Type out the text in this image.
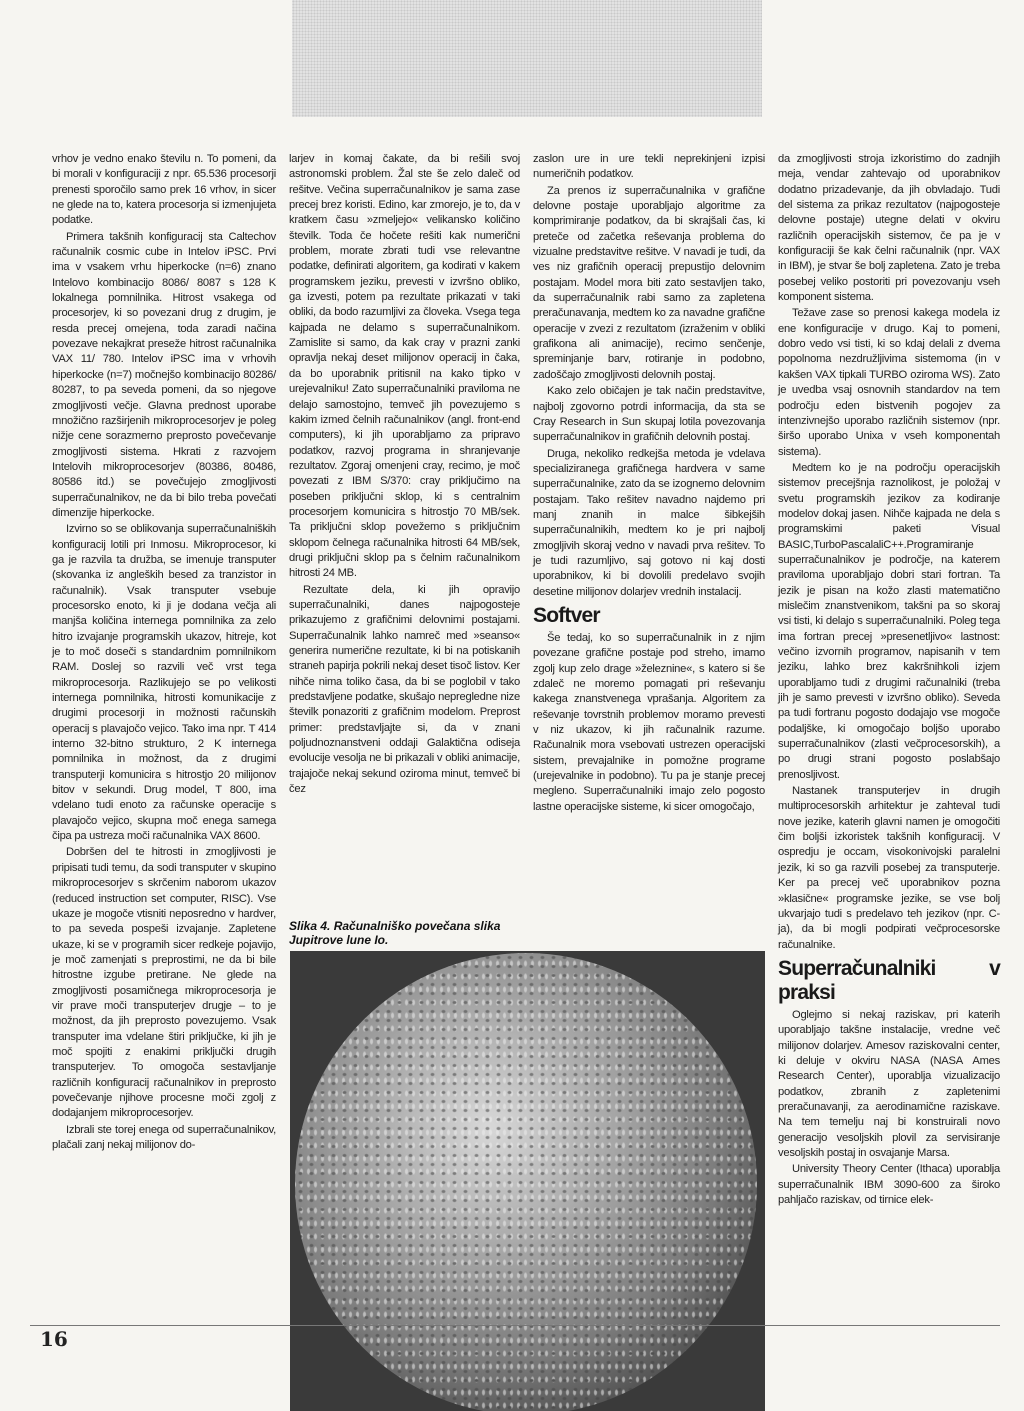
vrhov je vedno enako številu n. To pomeni, da bi morali v konfiguraciji z npr. 65.536 procesorji prenesti sporočilo samo prek 16 vrhov, in sicer ne glede na to, katera procesorja si izmenjujeta podatke.

Primera takšnih konfiguracij sta Caltechov računalnik cosmic cube in Intelov iPSC. Prvi ima v vsakem vrhu hiperkocke (n=6) znano Intelovo kombinacijo 8086/ 8087 s 128 K lokalnega pomnilnika. Hitrost vsakega od procesorjev, ki so povezani drug z drugim, je resda precej omejena, toda zaradi načina povezave nekajkrat preseže hitrost računalnika VAX 11/ 780. Intelov iPSC ima v vrhovih hiperkocke (n=7) močnejšo kombinacijo 80286/ 80287, to pa seveda pomeni, da so njegove zmogljivosti večje. Glavna prednost uporabe množično razširjenih mikroprocesorjev je poleg nižje cene sorazmerno preprosto povečevanje zmogljivosti sistema. Hkrati z razvojem Intelovih mikroprocesorjev (80386, 80486, 80586 itd.) se povečujejo zmogljivosti superračunalnikov, ne da bi bilo treba povečati dimenzije hiperkocke.

Izvirno so se oblikovanja superračunalniških konfiguracij lotili pri Inmosu. Mikroprocesor, ki ga je razvila ta družba, se imenuje transputer (skovanka iz angleških besed za tranzistor in računalnik). Vsak transputer vsebuje procesorsko enoto, ki ji je dodana večja ali manjša količina internega pomnilnika za zelo hitro izvajanje programskih ukazov, hitreje, kot je to moč doseči s standardnim pomnilnikom RAM. Doslej so razvili več vrst tega mikroprocesorja. Razlikujejo se po velikosti internega pomnilnika, hitrosti komunikacije z drugimi procesorji in možnosti računskih operacij s plavajočo vejico. Tako ima npr. T 414 interno 32-bitno strukturo, 2 K internega pomnilnika in možnost, da z drugimi transputerji komunicira s hitrostjo 20 milijonov bitov v sekundi. Drug model, T 800, ima vdelano tudi enoto za računske operacije s plavajočo vejico, skupna moč enega samega čipa pa ustreza moči računalnika VAX 8600.

Dobršen del te hitrosti in zmogljivosti je pripisati tudi temu, da sodi transputer v skupino mikroprocesorjev s skrčenim naborom ukazov (reduced instruction set computer, RISC). Vse ukaze je mogoče vtisniti neposredno v hardver, to pa seveda pospeši izvajanje. Zapletene ukaze, ki se v programih sicer redkeje pojavijo, je moč zamenjati s preprostimi, ne da bi bile hitrostne izgube pretirane. Ne glede na zmogljivosti posamičnega mikroprocesorja je vir prave moči transputerjev drugje – to je možnost, da jih preprosto povezujemo. Vsak transputer ima vdelane štiri priključke, ki jih je moč spojiti z enakimi priključki drugih transputerjev. To omogoča sestavljanje različnih konfiguracij računalnikov in preprosto povečevanje njihove procesne moči zgolj z dodajanjem mikroprocesorjev.

Izbrali ste torej enega od superračunalnikov, plačali zanj nekaj milijonov do-

larjev in komaj čakate, da bi rešili svoj astronomski problem. Žal ste še zelo daleč od rešitve. Večina superračunalnikov je sama zase precej brez koristi. Edino, kar zmorejo, je to, da v kratkem času »zmeljejo« velikansko količino številk. Toda če hočete rešiti kak numerični problem, morate zbrati tudi vse relevantne podatke, definirati algoritem, ga kodirati v kakem programskem jeziku, prevesti v izvršno obliko, ga izvesti, potem pa rezultate prikazati v taki obliki, da bodo razumljivi za človeka. Vsega tega kajpada ne delamo s superračunalnikom. Zamislite si samo, da kak cray v prazni zanki opravlja nekaj deset milijonov operacij in čaka, da bo uporabnik pritisnil na kako tipko v urejevalniku! Zato superračunalniki praviloma ne delajo samostojno, temveč jih povezujemo s kakim izmed čelnih računalnikov (angl. front-end computers), ki jih uporabljamo za pripravo podatkov, razvoj programa in shranjevanje rezultatov. Zgoraj omenjeni cray, recimo, je moč povezati z IBM S/370: cray priključimo na poseben priključni sklop, ki s centralnim procesorjem komunicira s hitrostjo 70 MB/sek. Ta priključni sklop povežemo s priključnim sklopom čelnega računalnika hitrosti 64 MB/sek, drugi priključni sklop pa s čelnim računalnikom hitrosti 24 MB.

Rezultate dela, ki jih opravijo superračunalniki, danes najpogosteje prikazujemo z grafičnimi delovnimi postajami. Superračunalnik lahko namreč med »seanso« generira numerične rezultate, ki bi na potiskanih straneh papirja pokrili nekaj deset tisoč listov. Ker nihče nima toliko časa, da bi se poglobil v tako predstavljene podatke, skušajo nepregledne nize številk ponazoriti z grafičnim modelom. Preprost primer: predstavljajte si, da v znani poljudnoznanstveni oddaji Galaktična odiseja evolucije vesolja ne bi prikazali v obliki animacije, trajajoče nekaj sekund oziroma minut, temveč bi čez

Slika 4. Računalniško povečana slika Jupitrove lune Io.

zaslon ure in ure tekli neprekinjeni izpisi numeričnih podatkov.

Za prenos iz superračunalnika v grafične delovne postaje uporabljajo algoritme za komprimiranje podatkov, da bi skrajšali čas, ki preteče od začetka reševanja problema do vizualne predstavitve rešitve. V navadi je tudi, da ves niz grafičnih operacij prepustijo delovnim postajam. Model mora biti zato sestavljen tako, da superračunalnik rabi samo za zapletena preračunavanja, medtem ko za navadne grafične operacije v zvezi z rezultatom (izraženim v obliki grafikona ali animacije), recimo senčenje, spreminjanje barv, rotiranje in podobno, zadoščajo zmogljivosti delovnih postaj.

Kako zelo običajen je tak način predstavitve, najbolj zgovorno potrdi informacija, da sta se Cray Research in Sun skupaj lotila povezovanja superračunalnikov in grafičnih delovnih postaj.

Druga, nekoliko redkejša metoda je vdelava specializiranega grafičnega hardvera v same superračunalnike, zato da se izognemo delovnim postajam. Tako rešitev navadno najdemo pri manj znanih in malce šibkejših superračunalnikih, medtem ko je pri najbolj zmogljivih skoraj vedno v navadi prva rešitev. To je tudi razumljivo, saj gotovo ni kaj dosti uporabnikov, ki bi dovolili predelavo svojih desetine milijonov dolarjev vrednih instalacij.

Softver

Še tedaj, ko so superračunalnik in z njim povezane grafične postaje pod streho, imamo zgolj kup zelo drage »železnine«, s katero si še zdaleč ne moremo pomagati pri reševanju kakega znanstvenega vprašanja. Algoritem za reševanje tovrstnih problemov moramo prevesti v niz ukazov, ki jih računalnik razume. Računalnik mora vsebovati ustrezen operacijski sistem, prevajalnike in pomožne programe (urejevalnike in podobno). Tu pa je stanje precej megleno. Superračunalniki imajo zelo pogosto lastne operacijske sisteme, ki sicer omogočajo,

da zmogljivosti stroja izkoristimo do zadnjih meja, vendar zahtevajo od uporabnikov dodatno prizadevanje, da jih obvladajo. Tudi del sistema za prikaz rezultatov (najpogosteje delovne postaje) utegne delati v okviru različnih operacijskih sistemov, če pa je v konfiguraciji še kak čelni računalnik (npr. VAX in IBM), je stvar še bolj zapletena. Zato je treba posebej veliko postoriti pri povezovanju vseh komponent sistema.

Težave zase so prenosi kakega modela iz ene konfiguracije v drugo. Kaj to pomeni, dobro vedo vsi tisti, ki so kdaj delali z dvema popolnoma nezdružljivima sistemoma (in v kakšen VAX tipkali TURBO oziroma WS). Zato je uvedba vsaj osnovnih standardov na tem področju eden bistvenih pogojev za intenzivnejšo uporabo različnih sistemov (npr. širšo uporabo Unixa v vseh komponentah sistema).

Medtem ko je na področju operacijskih sistemov precejšnja raznolikost, je položaj v svetu programskih jezikov za kodiranje modelov dokaj jasen. Nihče kajpada ne dela s programskimi paketi Visual BASIC,TurboPascalaliC++.Programiranje superračunalnikov je področje, na katerem praviloma uporabljajo dobri stari fortran. Ta jezik je pisan na kožo zlasti matematično mislečim znanstvenikom, takšni pa so skoraj vsi tisti, ki delajo s superračunalniki. Poleg tega ima fortran precej »presenetljivo« lastnost: večino izvornih programov, napisanih v tem jeziku, lahko brez kakršnihkoli izjem uporabljamo tudi z drugimi računalniki (treba jih je samo prevesti v izvršno obliko). Seveda pa tudi fortranu pogosto dodajajo vse mogoče podaljške, ki omogočajo boljšo uporabo superračunalnikov (zlasti večprocesorskih), a po drugi strani pogosto poslabšajo prenosljivost.

Nastanek transputerjev in drugih multiprocesorskih arhitektur je zahteval tudi nove jezike, katerih glavni namen je omogočiti čim boljši izkoristek takšnih konfiguracij. V ospredju je occam, visokonivojski paralelni jezik, ki so ga razvili posebej za transputerje. Ker pa precej več uporabnikov pozna »klasične« programske jezike, se vse bolj ukvarjajo tudi s predelavo teh jezikov (npr. C-ja), da bi mogli podpirati večprocesorske računalnike.

Superračunalniki v praksi

Oglejmo si nekaj raziskav, pri katerih uporabljajo takšne instalacije, vredne več milijonov dolarjev. Amesov raziskovalni center, ki deluje v okviru NASA (NASA Ames Research Center), uporablja vizualizacijo podatkov, zbranih z zapletenimi preračunavanji, za aerodinamične raziskave. Na tem temelju naj bi konstruirali novo generacijo vesoljskih plovil za servisiranje vesoljskih postaj in osvajanje Marsa.

University Theory Center (Ithaca) uporablja superračunalnik IBM 3090-600 za široko pahljačo raziskav, od tirnice elek-

16
